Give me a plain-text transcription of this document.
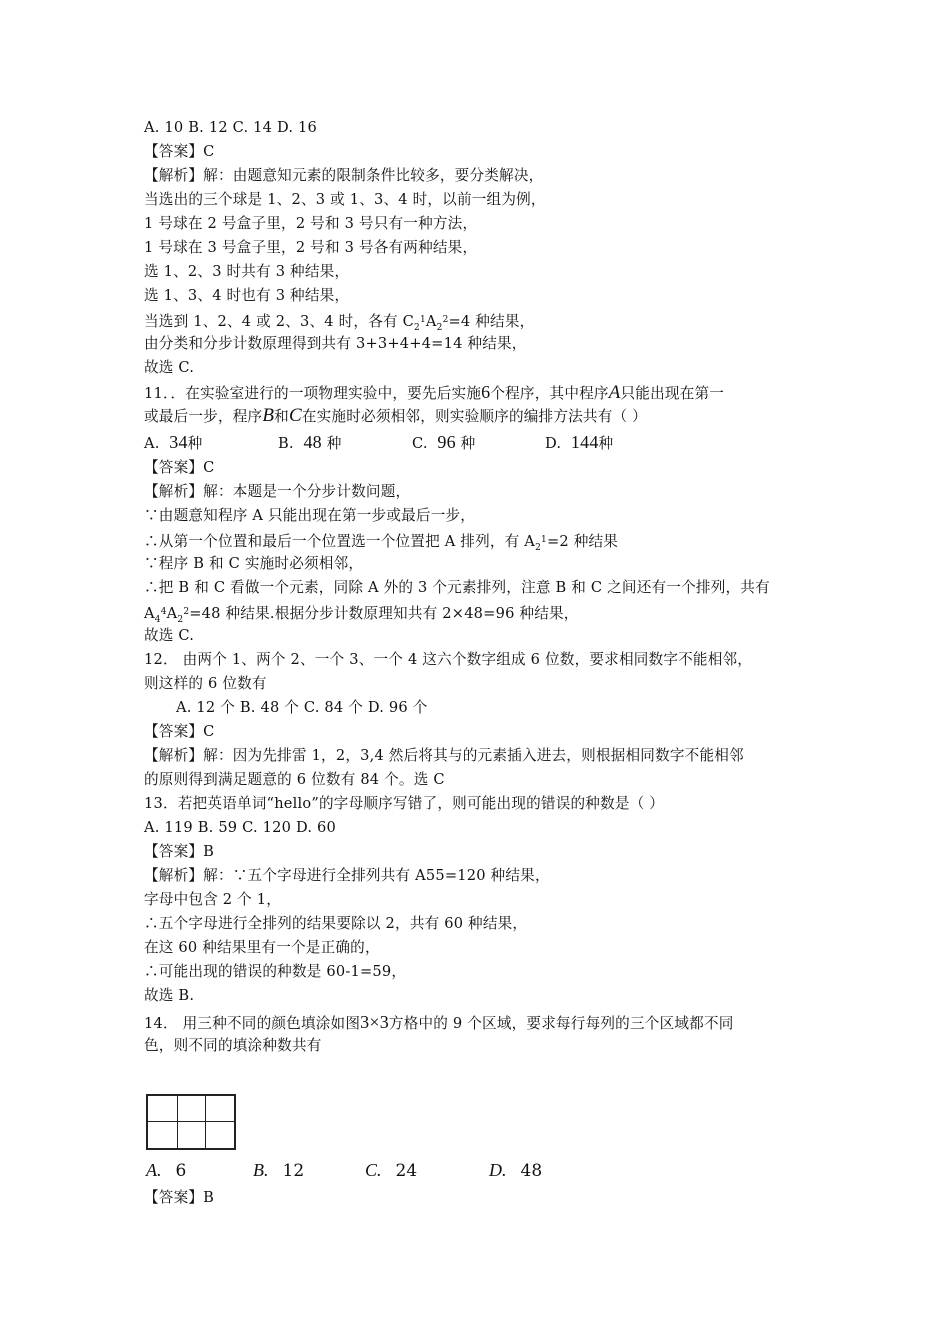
A. 10 B. 12 C. 14 D. 16
【答案】C
【解析】解：由题意知元素的限制条件比较多，要分类解决，
当选出的三个球是 1、2、3 或 1、3、4 时，以前一组为例，
1 号球在 2 号盒子里，2 号和 3 号只有一种方法，
1 号球在 3 号盒子里，2 号和 3 号各有两种结果，
选 1、2、3 时共有 3 种结果，
选 1、3、4 时也有 3 种结果，
当选到 1、2、4 或 2、3、4 时，各有 $C_2^1A_2^2=4$ 种结果，
由分类和分步计数原理得到共有 3+3+4+4=14 种结果，
故选 C.
11．．在实验室进行的一项物理实验中，要先后实施6个程序，其中程序A只能出现在第一
或最后一步，程序B和C在实施时必须相邻，则实验顺序的编排方法共有（ ）
A. 34种	B. 48 种	C. 96 种	D. 144种
【答案】C
【解析】解：本题是一个分步计数问题，
∵由题意知程序 A 只能出现在第一步或最后一步，
∴从第一个位置和最后一个位置选一个位置把 A 排列，有 $A_2^1=2$ 种结果
∵程序 B 和 C 实施时必须相邻，
∴把 B 和 C 看做一个元素，同除 A 外的 3 个元素排列，注意 B 和 C 之间还有一个排列，共有
$A_4^4A_2^2=48$ 种结果.根据分步计数原理知共有 2×48=96 种结果，
故选 C.
12． 由两个 1、两个 2、一个 3、一个 4 这六个数字组成 6 位数，要求相同数字不能相邻，
则这样的 6 位数有
A. 12 个 B. 48 个 C. 84 个 D. 96 个
【答案】C
【解析】解：因为先排雷 1，2，3,4 然后将其与的元素插入进去，则根据相同数字不能相邻
的原则得到满足题意的 6 位数有 84 个。选 C
13．若把英语单词“hello”的字母顺序写错了，则可能出现的错误的种数是（ ）
A. 119 B. 59 C. 120 D. 60
【答案】B
【解析】解：∵五个字母进行全排列共有 A55=120 种结果，
字母中包含 2 个 1，
∴五个字母进行全排列的结果要除以 2，共有 60 种结果，
在这 60 种结果里有一个是正确的，
∴可能出现的错误的种数是 60-1=59，
故选 B.
14． 用三种不同的颜色填涂如图3×3方格中的 9 个区域，要求每行每列的三个区域都不同
色，则不同的填涂种数共有
A. 6	B. 12	C. 24	D. 48
【答案】B
